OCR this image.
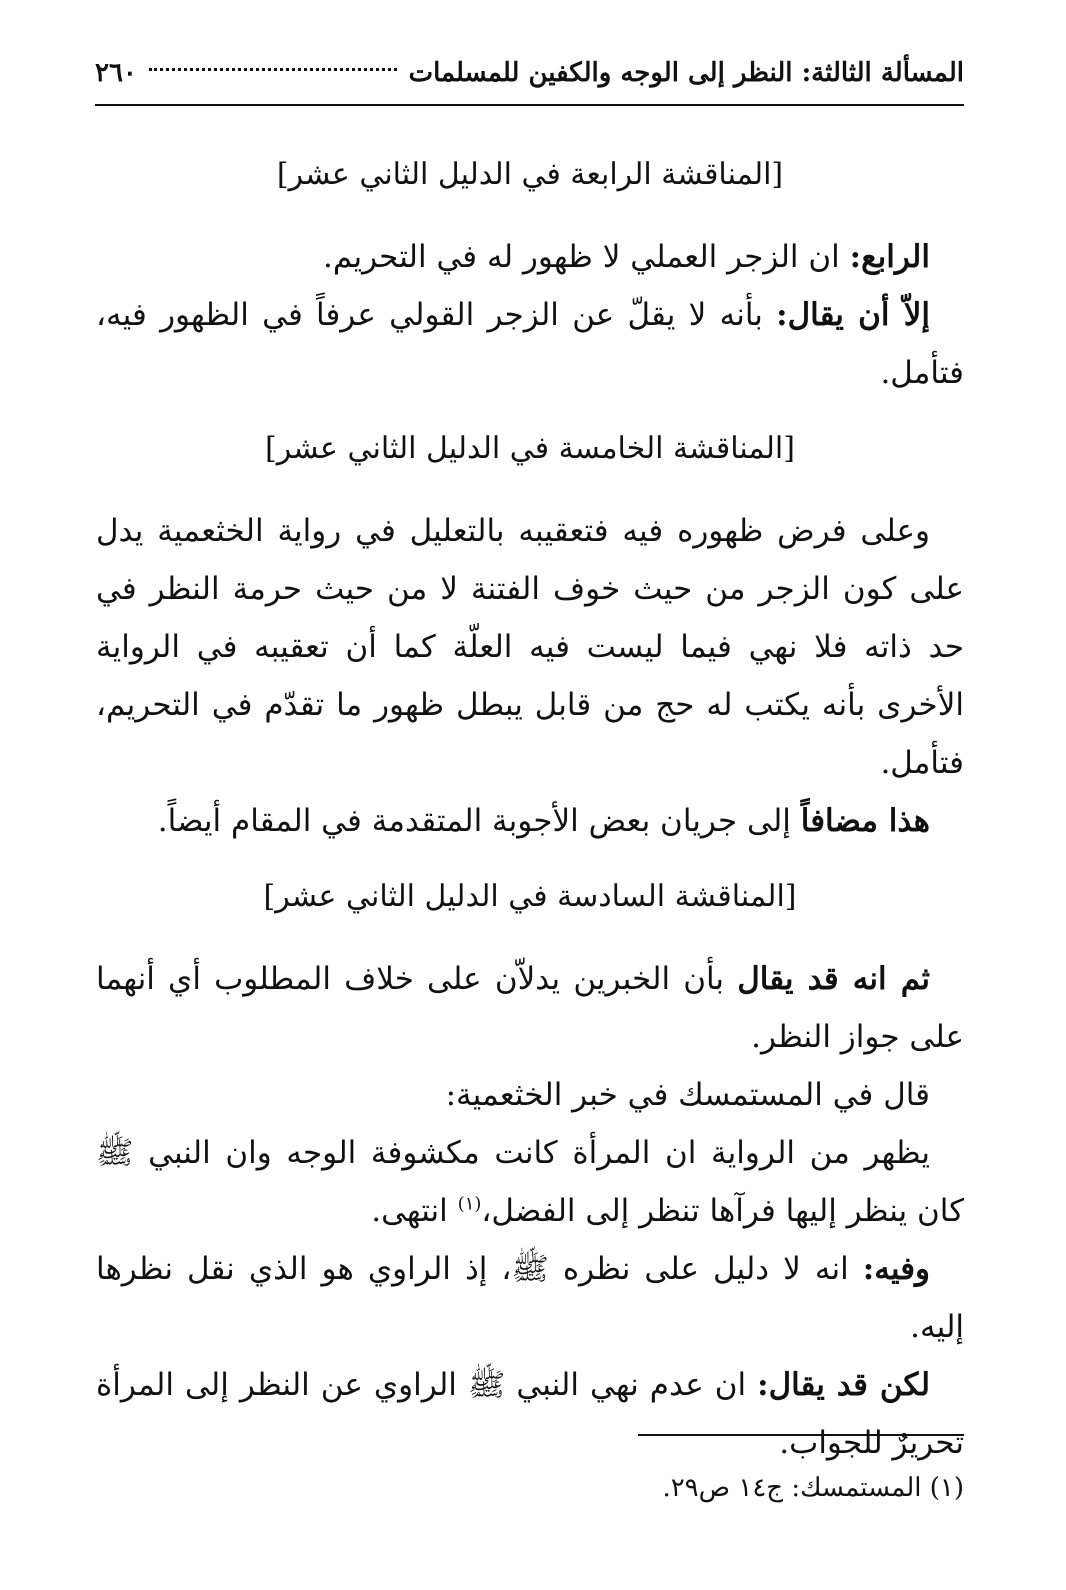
المسألة الثالثة: النظر إلى الوجه والكفين للمسلمات
٢٦٠
[المناقشة الرابعة في الدليل الثاني عشر]

الرابع: ان الزجر العملي لا ظهور له في التحريم.

إلاّ أن يقال: بأنه لا يقلّ عن الزجر القولي عرفاً في الظهور فيه، فتأمل.

[المناقشة الخامسة في الدليل الثاني عشر]

وعلى فرض ظهوره فيه فتعقيبه بالتعليل في رواية الخثعمية يدل على كون الزجر من حيث خوف الفتنة لا من حيث حرمة النظر في حد ذاته فلا نهي فيما ليست فيه العلّة كما أن تعقيبه في الرواية الأخرى بأنه يكتب له حج من قابل يبطل ظهور ما تقدّم في التحريم، فتأمل.

هذا مضافاً إلى جريان بعض الأجوبة المتقدمة في المقام أيضاً.

[المناقشة السادسة في الدليل الثاني عشر]

ثم انه قد يقال بأن الخبرين يدلاّن على خلاف المطلوب أي أنهما على جواز النظر.

قال في المستمسك في خبر الخثعمية:

يظهر من الرواية ان المرأة كانت مكشوفة الوجه وان النبي ﷺ كان ينظر إليها فرآها تنظر إلى الفضل،$^{(١)}$ انتهى.

وفيه: انه لا دليل على نظره ﷺ، إذ الراوي هو الذي نقل نظرها إليه.

لكن قد يقال: ان عدم نهي النبي ﷺ الراوي عن النظر إلى المرأة تحريرٌ للجواب.

(١) المستمسك: ج١٤ ص٢٩.
